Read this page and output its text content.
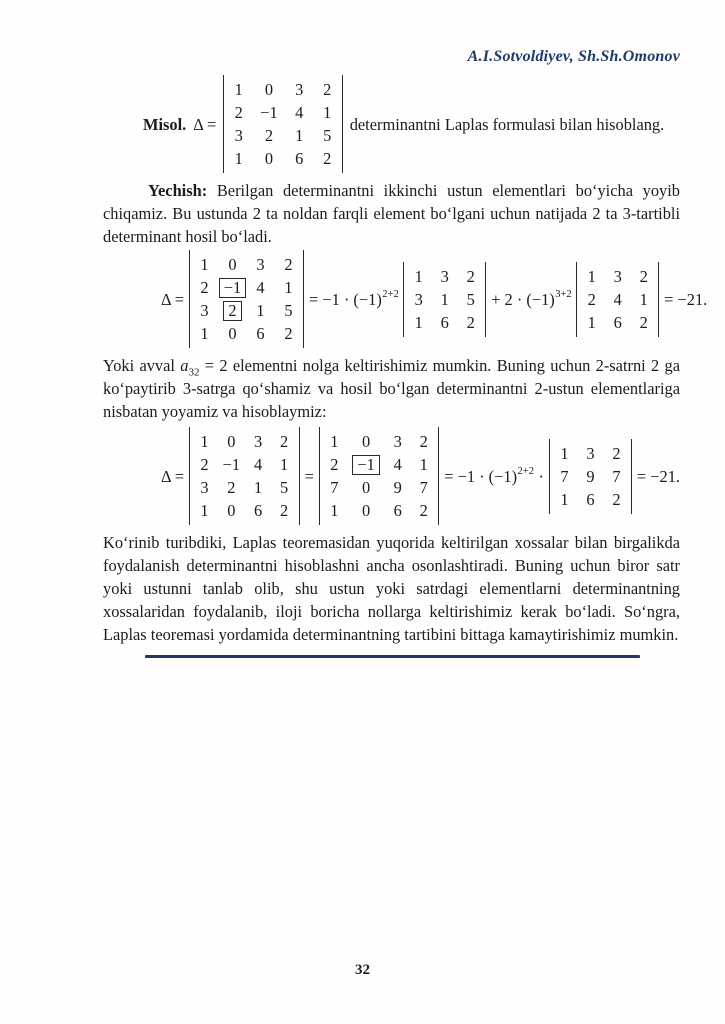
A.I.Sotvoldiyev, Sh.Sh.Omonov
Misol. Δ =
1 0 3 2
2 −1 4 1
3 2 1 5
1 0 6 2
determinantni Laplas formulasi bilan hisoblang.

Yechish: Berilgan determinantni ikkinchi ustun elementlari bo‘yicha yoyib chiqamiz. Bu ustunda 2 ta noldan farqli element bo‘lgani uchun natijada 2 ta 3-tartibli determinant hosil bo‘ladi.

Δ =
1 0 3 2
2 −1 4 1
3	2	1 5
1 0 6 2
= $-1 \cdot (-1)^{2+2}$
1 3 2
3 1 5
1 6 2
+ $2 \cdot (-1)^{3+2}$
1 3 2
2 4 1
1 6 2
= −21.

Yoki avval $a_{32} = 2$ elementni nolga keltirishimiz mumkin. Buning uchun 2-satrni 2 ga ko‘paytirib 3-satrga qo‘shamiz va hosil bo‘lgan determinantni 2-ustun elementlariga nisbatan yoyamiz va hisoblaymiz:

Δ =
1 0 3 2
2 −1 4 1
3 2 1 5
1 0 6 2
=
1	0	3 2
2	−1	4 1
7	0	9 7
1	0	6 2
= $-1 \cdot (-1)^{2+2}$ ·
1 3 2
7 9 7
1 6 2
= −21.

Ko‘rinib turibdiki, Laplas teoremasidan yuqorida keltirilgan xossalar bilan birgalikda foydalanish determinantni hisoblashni ancha osonlashtiradi. Buning uchun biror satr yoki ustunni tanlab olib, shu ustun yoki satrdagi elementlarni determinantning xossalaridan foydalanib, iloji boricha nollarga keltirishimiz kerak bo‘ladi. So‘ngra, Laplas teoremasi yordamida determinantning tartibini bittaga kamaytirishimiz mumkin.

32
